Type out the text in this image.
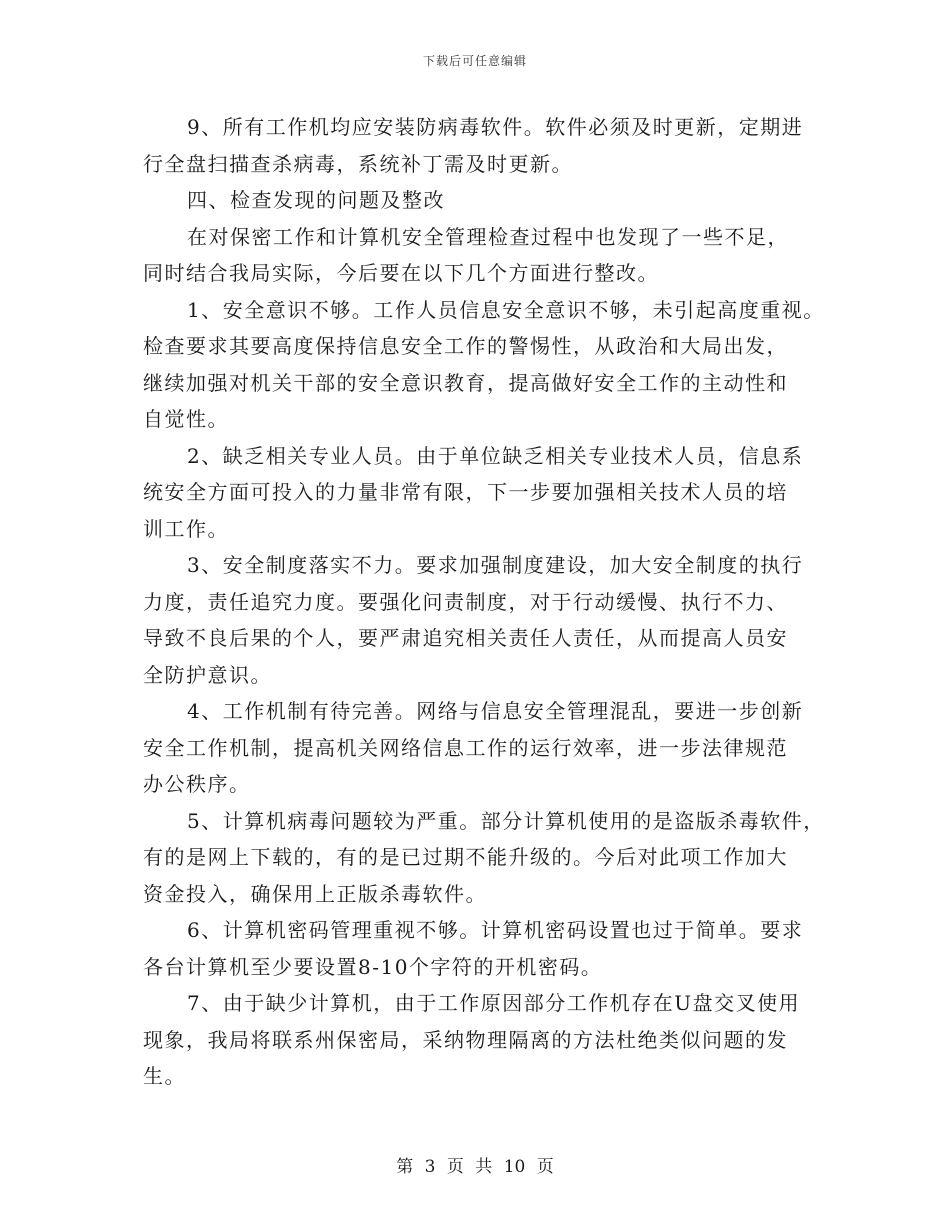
下载后可任意编辑
9、所有工作机均应安装防病毒软件。软件必须及时更新，定期进
行全盘扫描查杀病毒，系统补丁需及时更新。
四、检查发现的问题及整改
在对保密工作和计算机安全管理检查过程中也发现了一些不足，
同时结合我局实际，今后要在以下几个方面进行整改。
1、安全意识不够。工作人员信息安全意识不够，未引起高度重视。
检查要求其要高度保持信息安全工作的警惕性，从政治和大局出发，
继续加强对机关干部的安全意识教育，提高做好安全工作的主动性和
自觉性。
2、缺乏相关专业人员。由于单位缺乏相关专业技术人员，信息系
统安全方面可投入的力量非常有限，下一步要加强相关技术人员的培
训工作。
3、安全制度落实不力。要求加强制度建设，加大安全制度的执行
力度，责任追究力度。要强化问责制度，对于行动缓慢、执行不力、
导致不良后果的个人，要严肃追究相关责任人责任，从而提高人员安
全防护意识。
4、工作机制有待完善。网络与信息安全管理混乱，要进一步创新
安全工作机制，提高机关网络信息工作的运行效率，进一步法律规范
办公秩序。
5、计算机病毒问题较为严重。部分计算机使用的是盗版杀毒软件，
有的是网上下载的，有的是已过期不能升级的。今后对此项工作加大
资金投入，确保用上正版杀毒软件。
6、计算机密码管理重视不够。计算机密码设置也过于简单。要求
各台计算机至少要设置8-10个字符的开机密码。
7、由于缺少计算机，由于工作原因部分工作机存在U盘交叉使用
现象，我局将联系州保密局，采纳物理隔离的方法杜绝类似问题的发
生。
第 3 页 共 10 页
